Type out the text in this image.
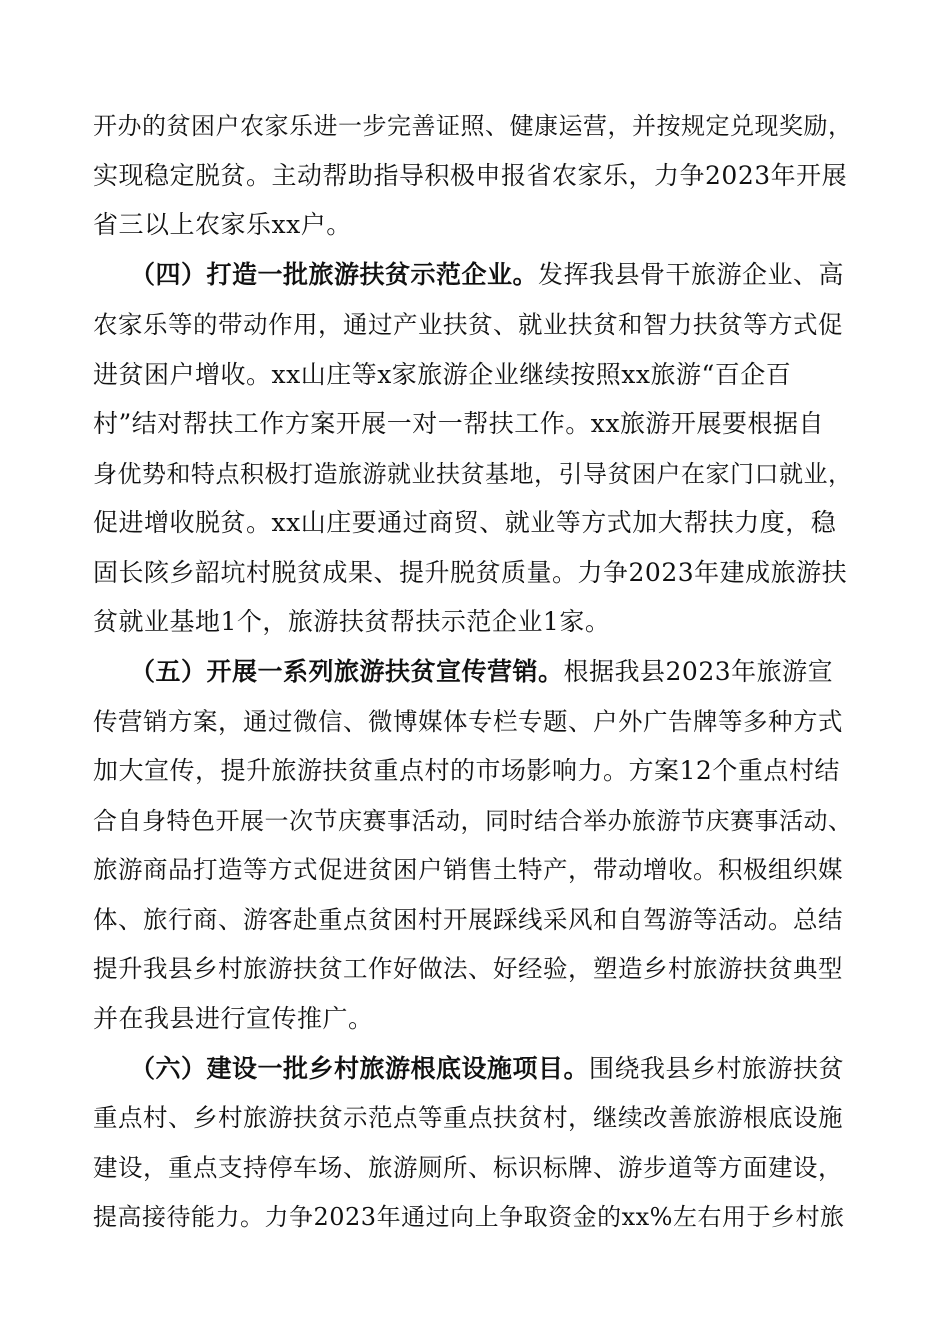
开办的贫困户农家乐进一步完善证照、健康运营，并按规定兑现奖励，
实现稳定脱贫。主动帮助指导积极申报省农家乐，力争2023年开展
省三以上农家乐xx户。
（四）打造一批旅游扶贫示范企业。发挥我县骨干旅游企业、高
农家乐等的带动作用，通过产业扶贫、就业扶贫和智力扶贫等方式促
进贫困户增收。xx山庄等x家旅游企业继续按照xx旅游“百企百
村”结对帮扶工作方案开展一对一帮扶工作。xx旅游开展要根据自
身优势和特点积极打造旅游就业扶贫基地，引导贫困户在家门口就业，
促进增收脱贫。xx山庄要通过商贸、就业等方式加大帮扶力度，稳
固长陔乡韶坑村脱贫成果、提升脱贫质量。力争2023年建成旅游扶
贫就业基地1个，旅游扶贫帮扶示范企业1家。
（五）开展一系列旅游扶贫宣传营销。根据我县2023年旅游宣
传营销方案，通过微信、微博媒体专栏专题、户外广告牌等多种方式
加大宣传，提升旅游扶贫重点村的市场影响力。方案12个重点村结
合自身特色开展一次节庆赛事活动，同时结合举办旅游节庆赛事活动、
旅游商品打造等方式促进贫困户销售土特产，带动增收。积极组织媒
体、旅行商、游客赴重点贫困村开展踩线采风和自驾游等活动。总结
提升我县乡村旅游扶贫工作好做法、好经验，塑造乡村旅游扶贫典型
并在我县进行宣传推广。
（六）建设一批乡村旅游根底设施项目。围绕我县乡村旅游扶贫
重点村、乡村旅游扶贫示范点等重点扶贫村，继续改善旅游根底设施
建设，重点支持停车场、旅游厕所、标识标牌、游步道等方面建设，
提高接待能力。力争2023年通过向上争取资金的xx%左右用于乡村旅
